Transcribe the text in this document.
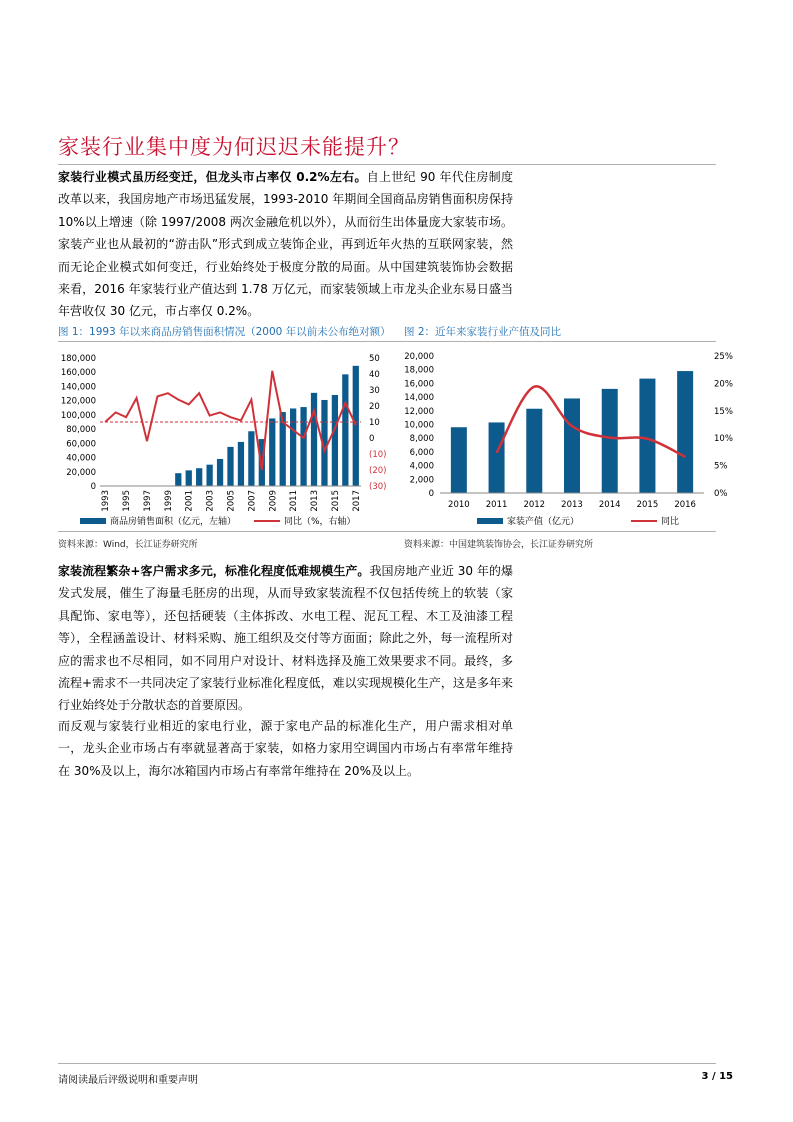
家装行业集中度为何迟迟未能提升？
家装行业模式虽历经变迁，但龙头市占率仅 0.2%左右。自上世纪 90 年代住房制度改革以来，我国房地产市场迅猛发展，1993-2010 年期间全国商品房销售面积房保持 10%以上增速（除 1997/2008 两次金融危机以外），从而衍生出体量庞大家装市场。家装产业也从最初的“游击队”形式到成立装饰企业，再到近年火热的互联网家装，然而无论企业模式如何变迁，行业始终处于极度分散的局面。从中国建筑装饰协会数据来看，2016 年家装行业产值达到 1.78 万亿元，而家装领域上市龙头企业东易日盛当年营收仅 30 亿元，市占率仅 0.2%。
图 1：1993 年以来商品房销售面积情况（2000 年以前未公布绝对额） 图 2：近年来家装行业产值及同比
0
20,000
40,000
60,000
80,000
100,000
120,000
140,000
160,000
180,000
(30)
(20)
(10)
0
10
20
30
40
50
1993 1995 1997 1999 2001 2003 2005 2007 2009 2011 2013 2015 2017
商品房销售面积（亿元，左轴）	同比（%，右轴）
0
2,000
4,000
6,000
8,000
10,000
12,000
14,000
16,000
18,000
20,000
0%
5%
10%
15%
20%
25%
2010 2011 2012 2013 2014 2015 2016
家装产值（亿元）	同比
资料来源：Wind，长江证券研究所	资料来源：中国建筑装饰协会，长江证券研究所
家装流程繁杂+客户需求多元，标准化程度低难规模生产。我国房地产业近 30 年的爆发式发展，催生了海量毛胚房的出现，从而导致家装流程不仅包括传统上的软装（家具配饰、家电等），还包括硬装（主体拆改、水电工程、泥瓦工程、木工及油漆工程等），全程涵盖设计、材料采购、施工组织及交付等方面面；除此之外，每一流程所对应的需求也不尽相同，如不同用户对设计、材料选择及施工效果要求不同。最终，多流程+需求不一共同决定了家装行业标准化程度低，难以实现规模化生产，这是多年来行业始终处于分散状态的首要原因。
而反观与家装行业相近的家电行业，源于家电产品的标准化生产，用户需求相对单一，龙头企业市场占有率就显著高于家装，如格力家用空调国内市场占有率常年维持在 30%及以上，海尔冰箱国内市场占有率常年维持在 20%及以上。
请阅读最后评级说明和重要声明	3 / 15
